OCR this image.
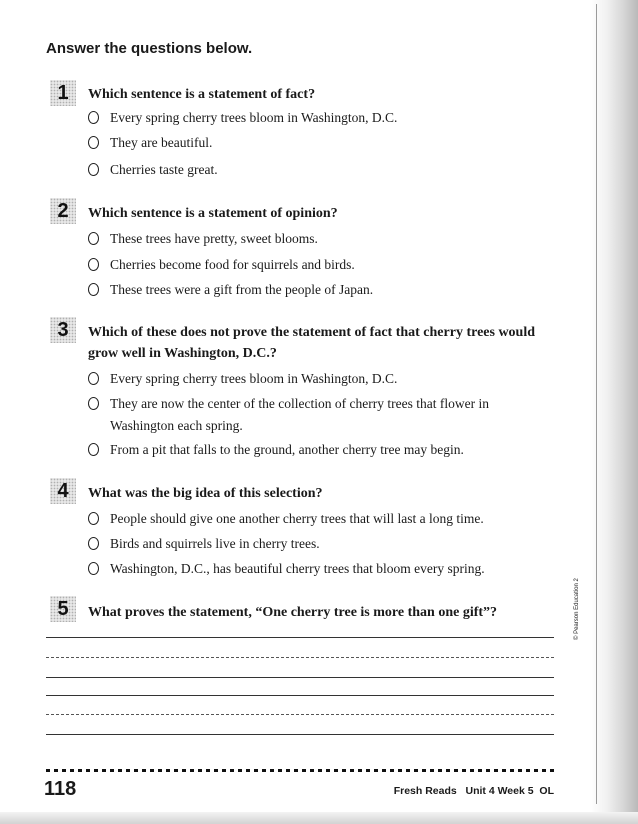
Answer the questions below.
1	Which sentence is a statement of fact?
Every spring cherry trees bloom in Washington, D.C.
They are beautiful.
Cherries taste great.
2	Which sentence is a statement of opinion?
These trees have pretty, sweet blooms.
Cherries become food for squirrels and birds.
These trees were a gift from the people of Japan.
3	Which of these does not prove the statement of fact that cherry trees would grow well in Washington, D.C.?
Every spring cherry trees bloom in Washington, D.C.
They are now the center of the collection of cherry trees that flower in Washington each spring.
From a pit that falls to the ground, another cherry tree may begin.
4	What was the big idea of this selection?
People should give one another cherry trees that will last a long time.
Birds and squirrels live in cherry trees.
Washington, D.C., has beautiful cherry trees that bloom every spring.
5	What proves the statement, “One cherry tree is more than one gift”?
118	Fresh Reads   Unit 4 Week 5  OL
© Pearson Education 2
